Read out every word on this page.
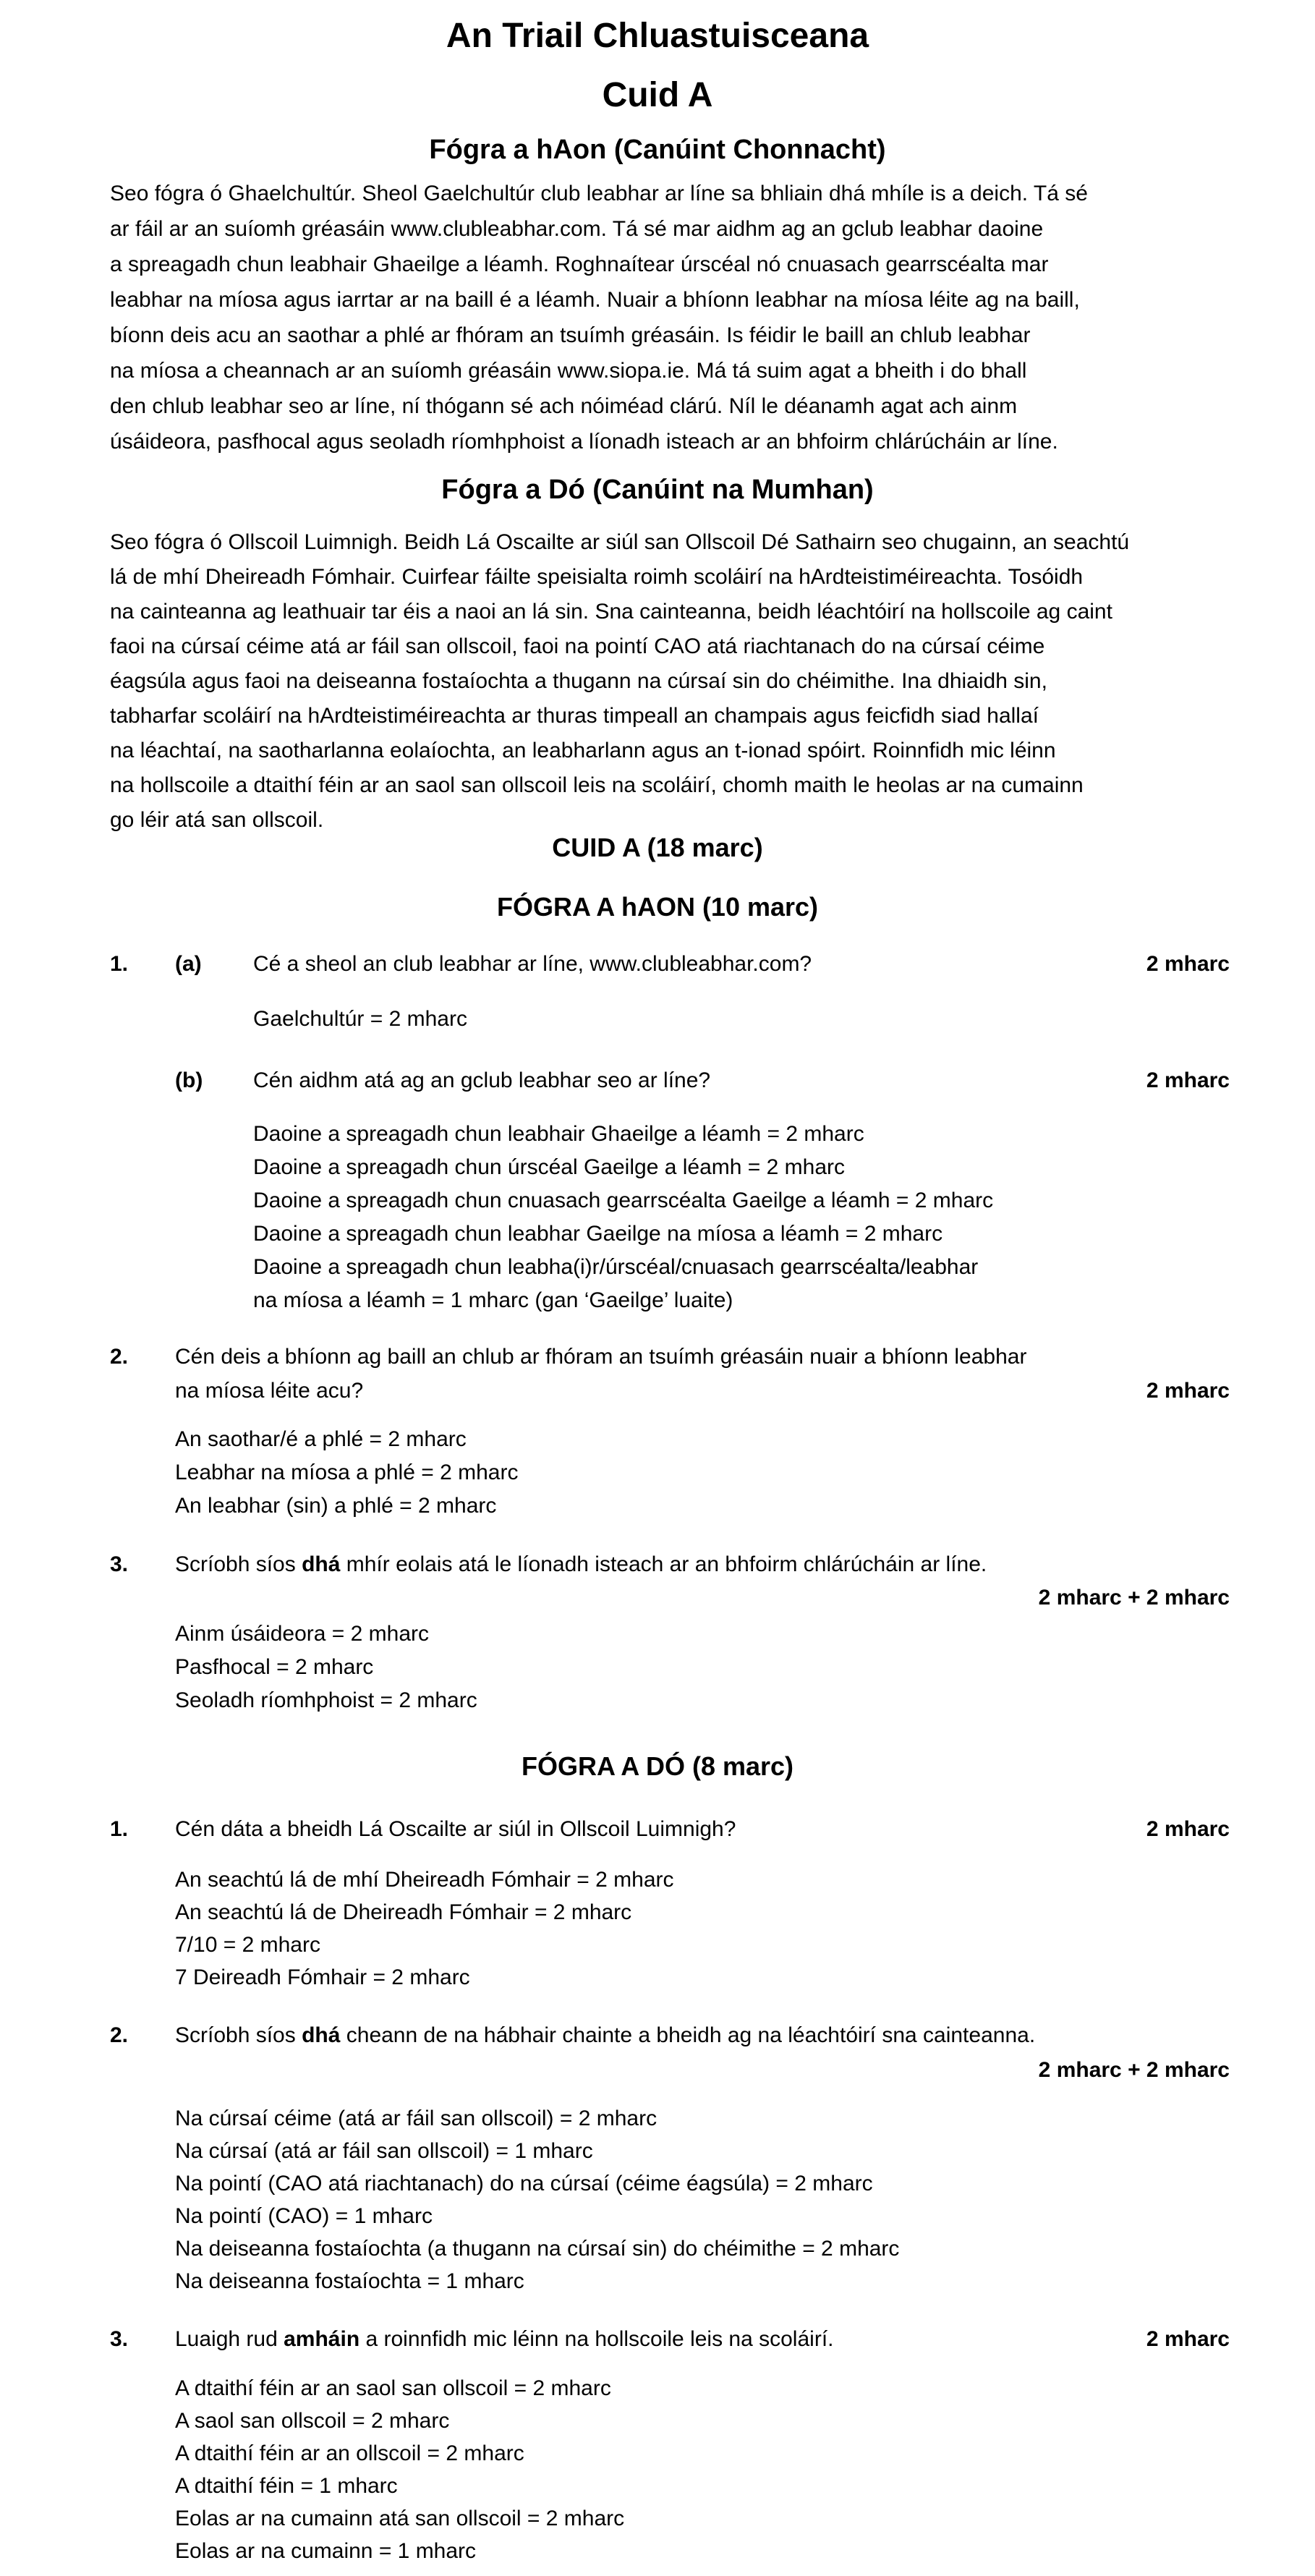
An Triail Chluastuisceana
Cuid A
Fógra a hAon (Canúint Chonnacht)
Seo fógra ó Ghaelchultúr. Sheol Gaelchultúr club leabhar ar líne sa bhliain dhá mhíle is a deich. Tá sé
ar fáil ar an suíomh gréasáin www.clubleabhar.com. Tá sé mar aidhm ag an gclub leabhar daoine
a spreagadh chun leabhair Ghaeilge a léamh. Roghnaítear úrscéal nó cnuasach gearrscéalta mar
leabhar na míosa agus iarrtar ar na baill é a léamh. Nuair a bhíonn leabhar na míosa léite ag na baill,
bíonn deis acu an saothar a phlé ar fhóram an tsuímh gréasáin. Is féidir le baill an chlub leabhar
na míosa a cheannach ar an suíomh gréasáin www.siopa.ie. Má tá suim agat a bheith i do bhall
den chlub leabhar seo ar líne, ní thógann sé ach nóiméad clárú. Níl le déanamh agat ach ainm
úsáideora, pasfhocal agus seoladh ríomhphoist a líonadh isteach ar an bhfoirm chlárúcháin ar líne.
Fógra a Dó (Canúint na Mumhan)
Seo fógra ó Ollscoil Luimnigh. Beidh Lá Oscailte ar siúl san Ollscoil Dé Sathairn seo chugainn, an seachtú
lá de mhí Dheireadh Fómhair. Cuirfear fáilte speisialta roimh scoláirí na hArdteistiméireachta. Tosóidh
na cainteanna ag leathuair tar éis a naoi an lá sin. Sna cainteanna, beidh léachtóirí na hollscoile ag caint
faoi na cúrsaí céime atá ar fáil san ollscoil, faoi na pointí CAO atá riachtanach do na cúrsaí céime
éagsúla agus faoi na deiseanna fostaíochta a thugann na cúrsaí sin do chéimithe. Ina dhiaidh sin,
tabharfar scoláirí na hArdteistiméireachta ar thuras timpeall an champais agus feicfidh siad hallaí
na léachtaí, na saotharlanna eolaíochta, an leabharlann agus an t-ionad spóirt. Roinnfidh mic léinn
na hollscoile a dtaithí féin ar an saol san ollscoil leis na scoláirí, chomh maith le heolas ar na cumainn
go léir atá san ollscoil.
CUID A (18 marc)
FÓGRA A hAON (10 marc)
1. (a) Cé a sheol an club leabhar ar líne, www.clubleabhar.com?	2 mharc
Gaelchultúr = 2 mharc
(b) Cén aidhm atá ag an gclub leabhar seo ar líne?	2 mharc
Daoine a spreagadh chun leabhair Ghaeilge a léamh = 2 mharc
Daoine a spreagadh chun úrscéal Gaeilge a léamh = 2 mharc
Daoine a spreagadh chun cnuasach gearrscéalta Gaeilge a léamh = 2 mharc
Daoine a spreagadh chun leabhar Gaeilge na míosa a léamh = 2 mharc
Daoine a spreagadh chun leabha(i)r/úrscéal/cnuasach gearrscéalta/leabhar
na míosa a léamh = 1 mharc (gan ‘Gaeilge’ luaite)
2. Cén deis a bhíonn ag baill an chlub ar fhóram an tsuímh gréasáin nuair a bhíonn leabhar
na míosa léite acu?	2 mharc
An saothar/é a phlé = 2 mharc
Leabhar na míosa a phlé = 2 mharc
An leabhar (sin) a phlé = 2 mharc
3. Scríobh síos dhá mhír eolais atá le líonadh isteach ar an bhfoirm chlárúcháin ar líne.
2 mharc + 2 mharc
Ainm úsáideora = 2 mharc
Pasfhocal = 2 mharc
Seoladh ríomhphoist = 2 mharc
FÓGRA A DÓ (8 marc)
1. Cén dáta a bheidh Lá Oscailte ar siúl in Ollscoil Luimnigh?	2 mharc
An seachtú lá de mhí Dheireadh Fómhair = 2 mharc
An seachtú lá de Dheireadh Fómhair = 2 mharc
7/10 = 2 mharc
7 Deireadh Fómhair = 2 mharc
2. Scríobh síos dhá cheann de na hábhair chainte a bheidh ag na léachtóirí sna cainteanna.
2 mharc + 2 mharc
Na cúrsaí céime (atá ar fáil san ollscoil) = 2 mharc
Na cúrsaí (atá ar fáil san ollscoil) = 1 mharc
Na pointí (CAO atá riachtanach) do na cúrsaí (céime éagsúla) = 2 mharc
Na pointí (CAO) = 1 mharc
Na deiseanna fostaíochta (a thugann na cúrsaí sin) do chéimithe = 2 mharc
Na deiseanna fostaíochta = 1 mharc
3. Luaigh rud amháin a roinnfidh mic léinn na hollscoile leis na scoláirí.	2 mharc
A dtaithí féin ar an saol san ollscoil = 2 mharc
A saol san ollscoil = 2 mharc
A dtaithí féin ar an ollscoil = 2 mharc
A dtaithí féin = 1 mharc
Eolas ar na cumainn atá san ollscoil = 2 mharc
Eolas ar na cumainn = 1 mharc
